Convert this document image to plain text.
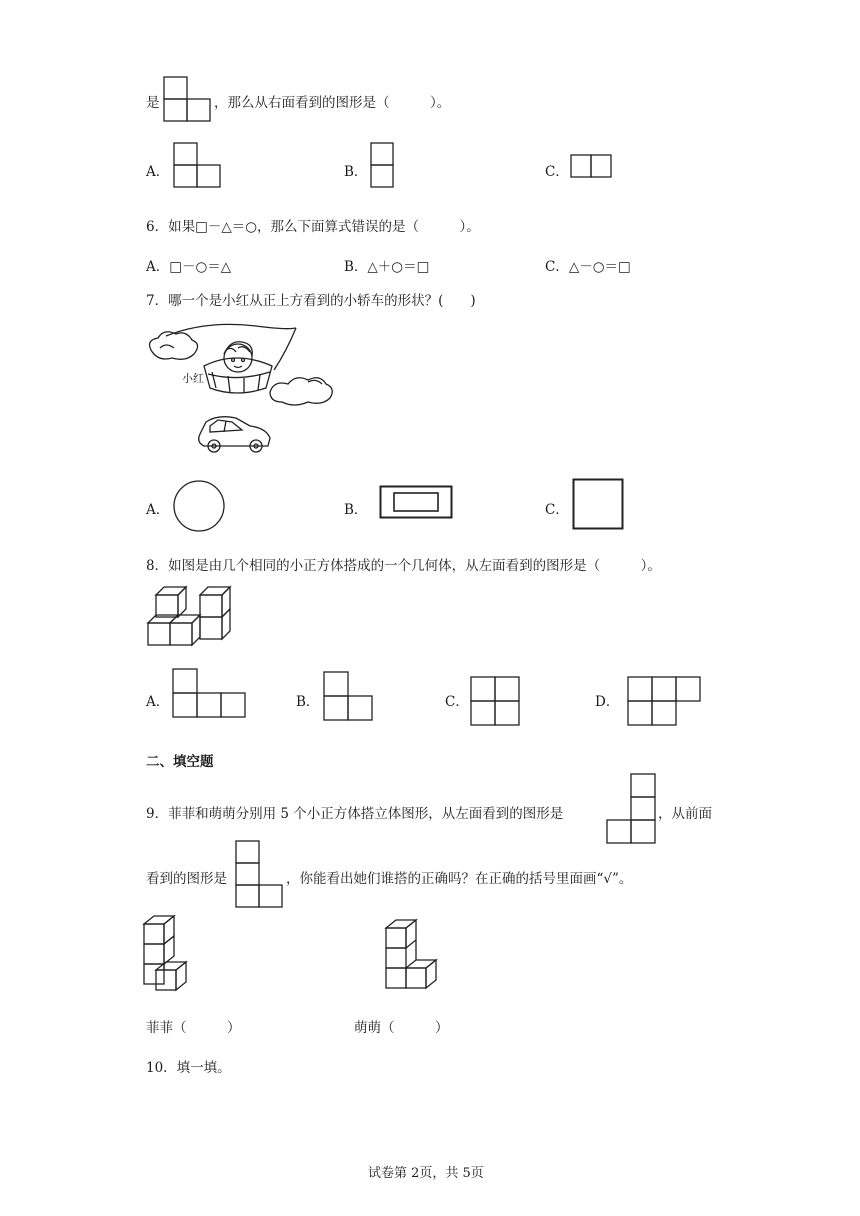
是	，那么从右面看到的图形是（　　　）。
A．	B．	C．
6．如果□－△＝○，那么下面算式错误的是（　　　）。
A．□－○＝△	B．△＋○＝□	C．△－○＝□
7．哪一个是小红从正上方看到的小轿车的形状？(　　)
小红
A．	B．	C．
8．如图是由几个相同的小正方体搭成的一个几何体，从左面看到的图形是（　　　）。
A．	B．	C．	D．
二、填空题
9．菲菲和萌萌分别用 5 个小正方体搭立体图形，从左面看到的图形是	，从前面
看到的图形是	，你能看出她们谁搭的正确吗？在正确的括号里面画“√”。
菲菲（　　　）	萌萌（　　　）
10．填一填。
试卷第 2页，共 5页
